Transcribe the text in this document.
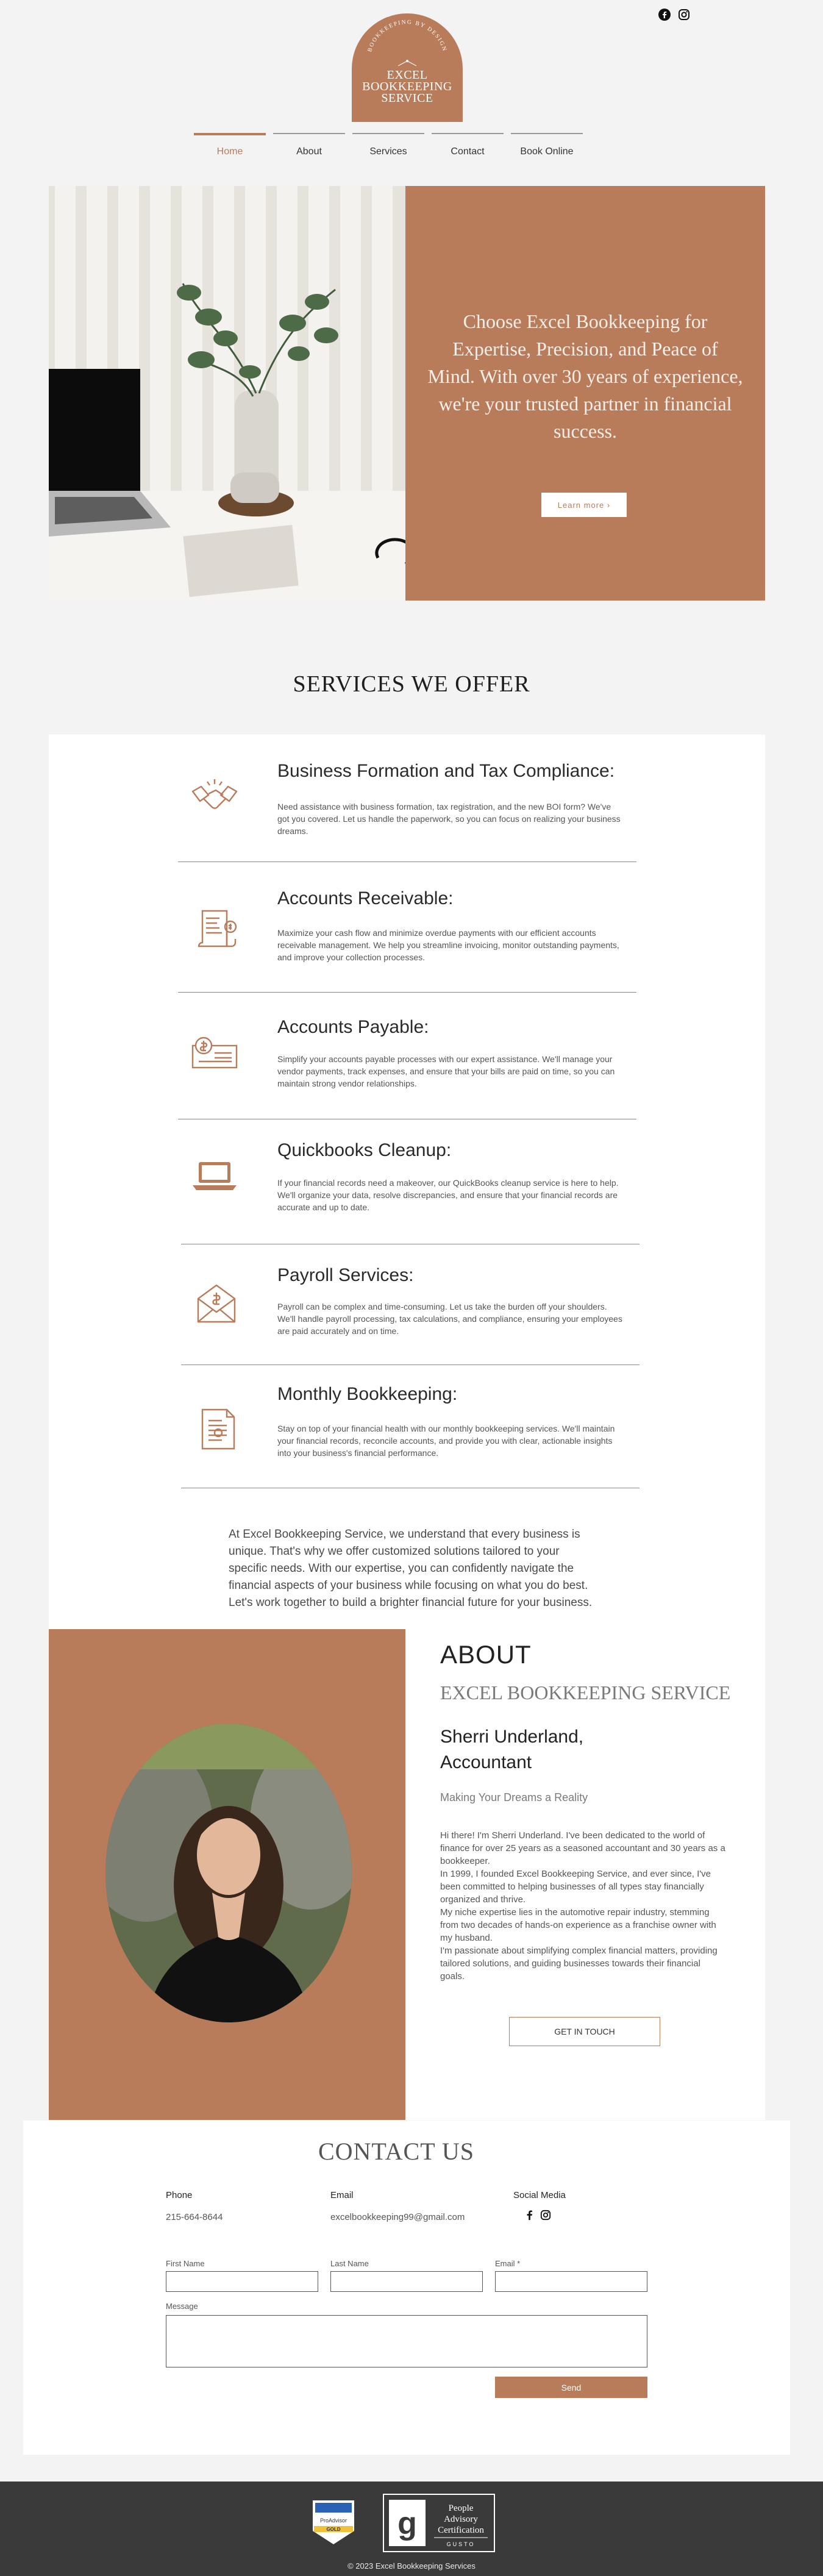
BOOKKEEPING BY DESIGN
EXCEL
BOOKKEEPING
SERVICE
Home	About	Services	Contact	Book Online
Choose Excel Bookkeeping for Expertise, Precision, and Peace of Mind. With over 30 years of experience, we're your trusted partner in financial success.
Learn more ›
SERVICES WE OFFER
Business Formation and Tax Compliance:

Need assistance with business formation, tax registration, and the new BOI form? We've got you covered. Let us handle the paperwork, so you can focus on realizing your business dreams.

Accounts Receivable:

Maximize your cash flow and minimize overdue payments with our efficient accounts receivable management. We help you streamline invoicing, monitor outstanding payments, and improve your collection processes.

Accounts Payable:

Simplify your accounts payable processes with our expert assistance. We'll manage your vendor payments, track expenses, and ensure that your bills are paid on time, so you can maintain strong vendor relationships.

Quickbooks Cleanup:

If your financial records need a makeover, our QuickBooks cleanup service is here to help. We'll organize your data, resolve discrepancies, and ensure that your financial records are accurate and up to date.

Payroll Services:

Payroll can be complex and time-consuming. Let us take the burden off your shoulders. We'll handle payroll processing, tax calculations, and compliance, ensuring your employees are paid accurately and on time.

Monthly Bookkeeping:

Stay on top of your financial health with our monthly bookkeeping services. We'll maintain your financial records, reconcile accounts, and provide you with clear, actionable insights into your business's financial performance.

At Excel Bookkeeping Service, we understand that every business is unique. That's why we offer customized solutions tailored to your specific needs. With our expertise, you can confidently navigate the financial aspects of your business while focusing on what you do best. Let's work together to build a brighter financial future for your business.
ABOUT
EXCEL BOOKKEEPING SERVICE
Sherri Underland,
Accountant
Making Your Dreams a Reality
Hi there! I'm Sherri Underland. I've been dedicated to the world of finance for over 25 years as a seasoned accountant and 30 years as a bookkeeper.
In 1999, I founded Excel Bookkeeping Service, and ever since, I've been committed to helping businesses of all types stay financially organized and thrive.
My niche expertise lies in the automotive repair industry, stemming from two decades of hands-on experience as a franchise owner with my husband.
I'm passionate about simplifying complex financial matters, providing tailored solutions, and guiding businesses towards their financial goals.
GET IN TOUCH
CONTACT US
Phone
215-664-8644
Email
excelbookkeeping99@gmail.com
Social Media
First Name	Last Name	Email *
Message
Send
ProAdvisor
GOLD g	People
Advisory
Certification
GUSTO
© 2023 Excel Bookkeeping Services
